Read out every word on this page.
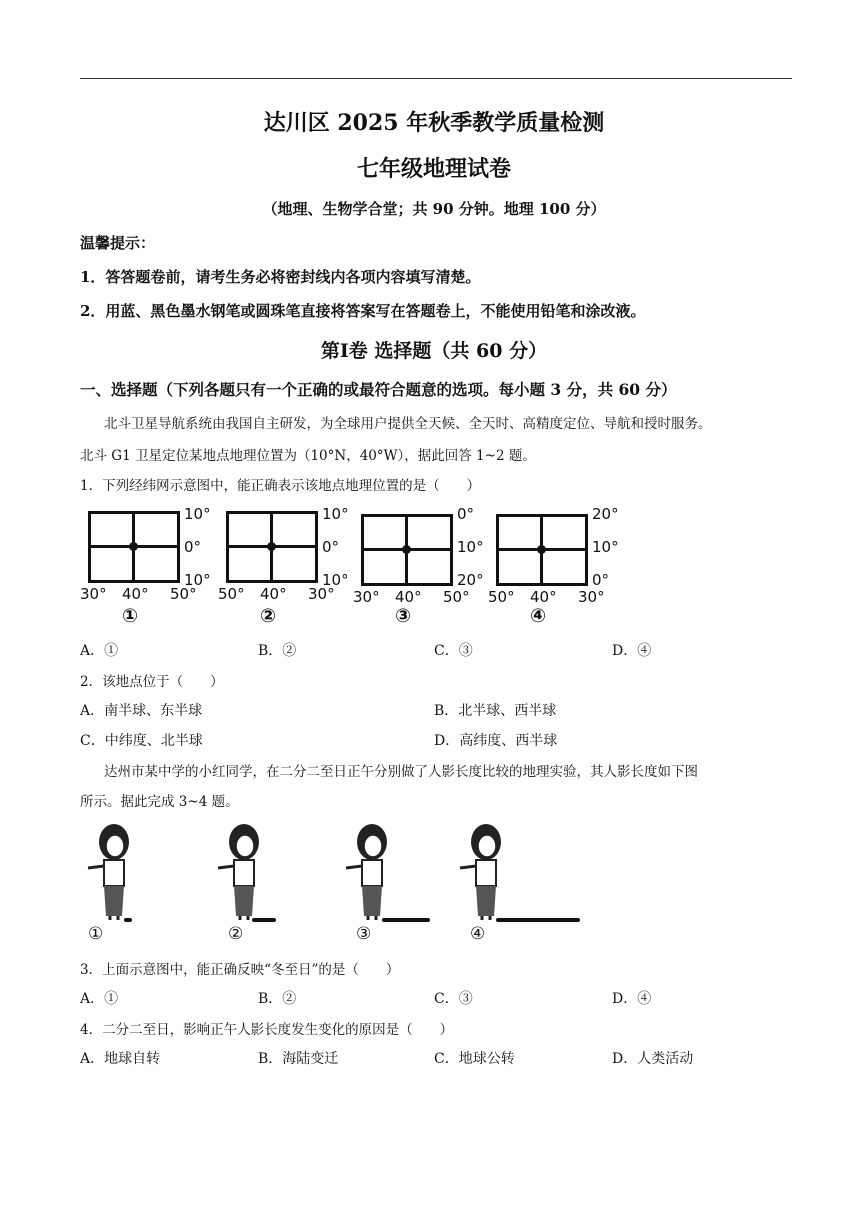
达川区 2025 年秋季教学质量检测
七年级地理试卷
（地理、生物学合堂；共 90 分钟。地理 100 分）
温馨提示：
1．答答题卷前，请考生务必将密封线内各项内容填写清楚。
2．用蓝、黑色墨水钢笔或圆珠笔直接将答案写在答题卷上，不能使用铅笔和涂改液。
第Ⅰ卷 选择题（共 60 分）
一、选择题（下列各题只有一个正确的或最符合题意的选项。每小题 3 分，共 60 分）
北斗卫星导航系统由我国自主研发，为全球用户提供全天候、全天时、高精度定位、导航和授时服务。
北斗 G1 卫星定位某地点地理位置为（10°N，40°W），据此回答 1~2 题。
1．下列经纬网示意图中，能正确表示该地点地理位置的是（　　）
10°
0°
10°
30° 40° 50°
①
10°
0°
10°
50° 40° 30°
②
0°
10°
20°
30° 40° 50°
③
20°
10°
0°
50° 40° 30°
④
A．①	B．②	C．③	D．④
2．该地点位于（　　）
A．南半球、东半球	B．北半球、西半球
C．中纬度、北半球	D．高纬度、西半球
达州市某中学的小红同学，在二分二至日正午分别做了人影长度比较的地理实验，其人影长度如下图
所示。据此完成 3~4 题。
①	②	③	④
3．上面示意图中，能正确反映“冬至日”的是（　　）
A．①	B．②	C．③	D．④
4．二分二至日，影响正午人影长度发生变化的原因是（　　）
A．地球自转	B．海陆变迁	C．地球公转	D．人类活动
